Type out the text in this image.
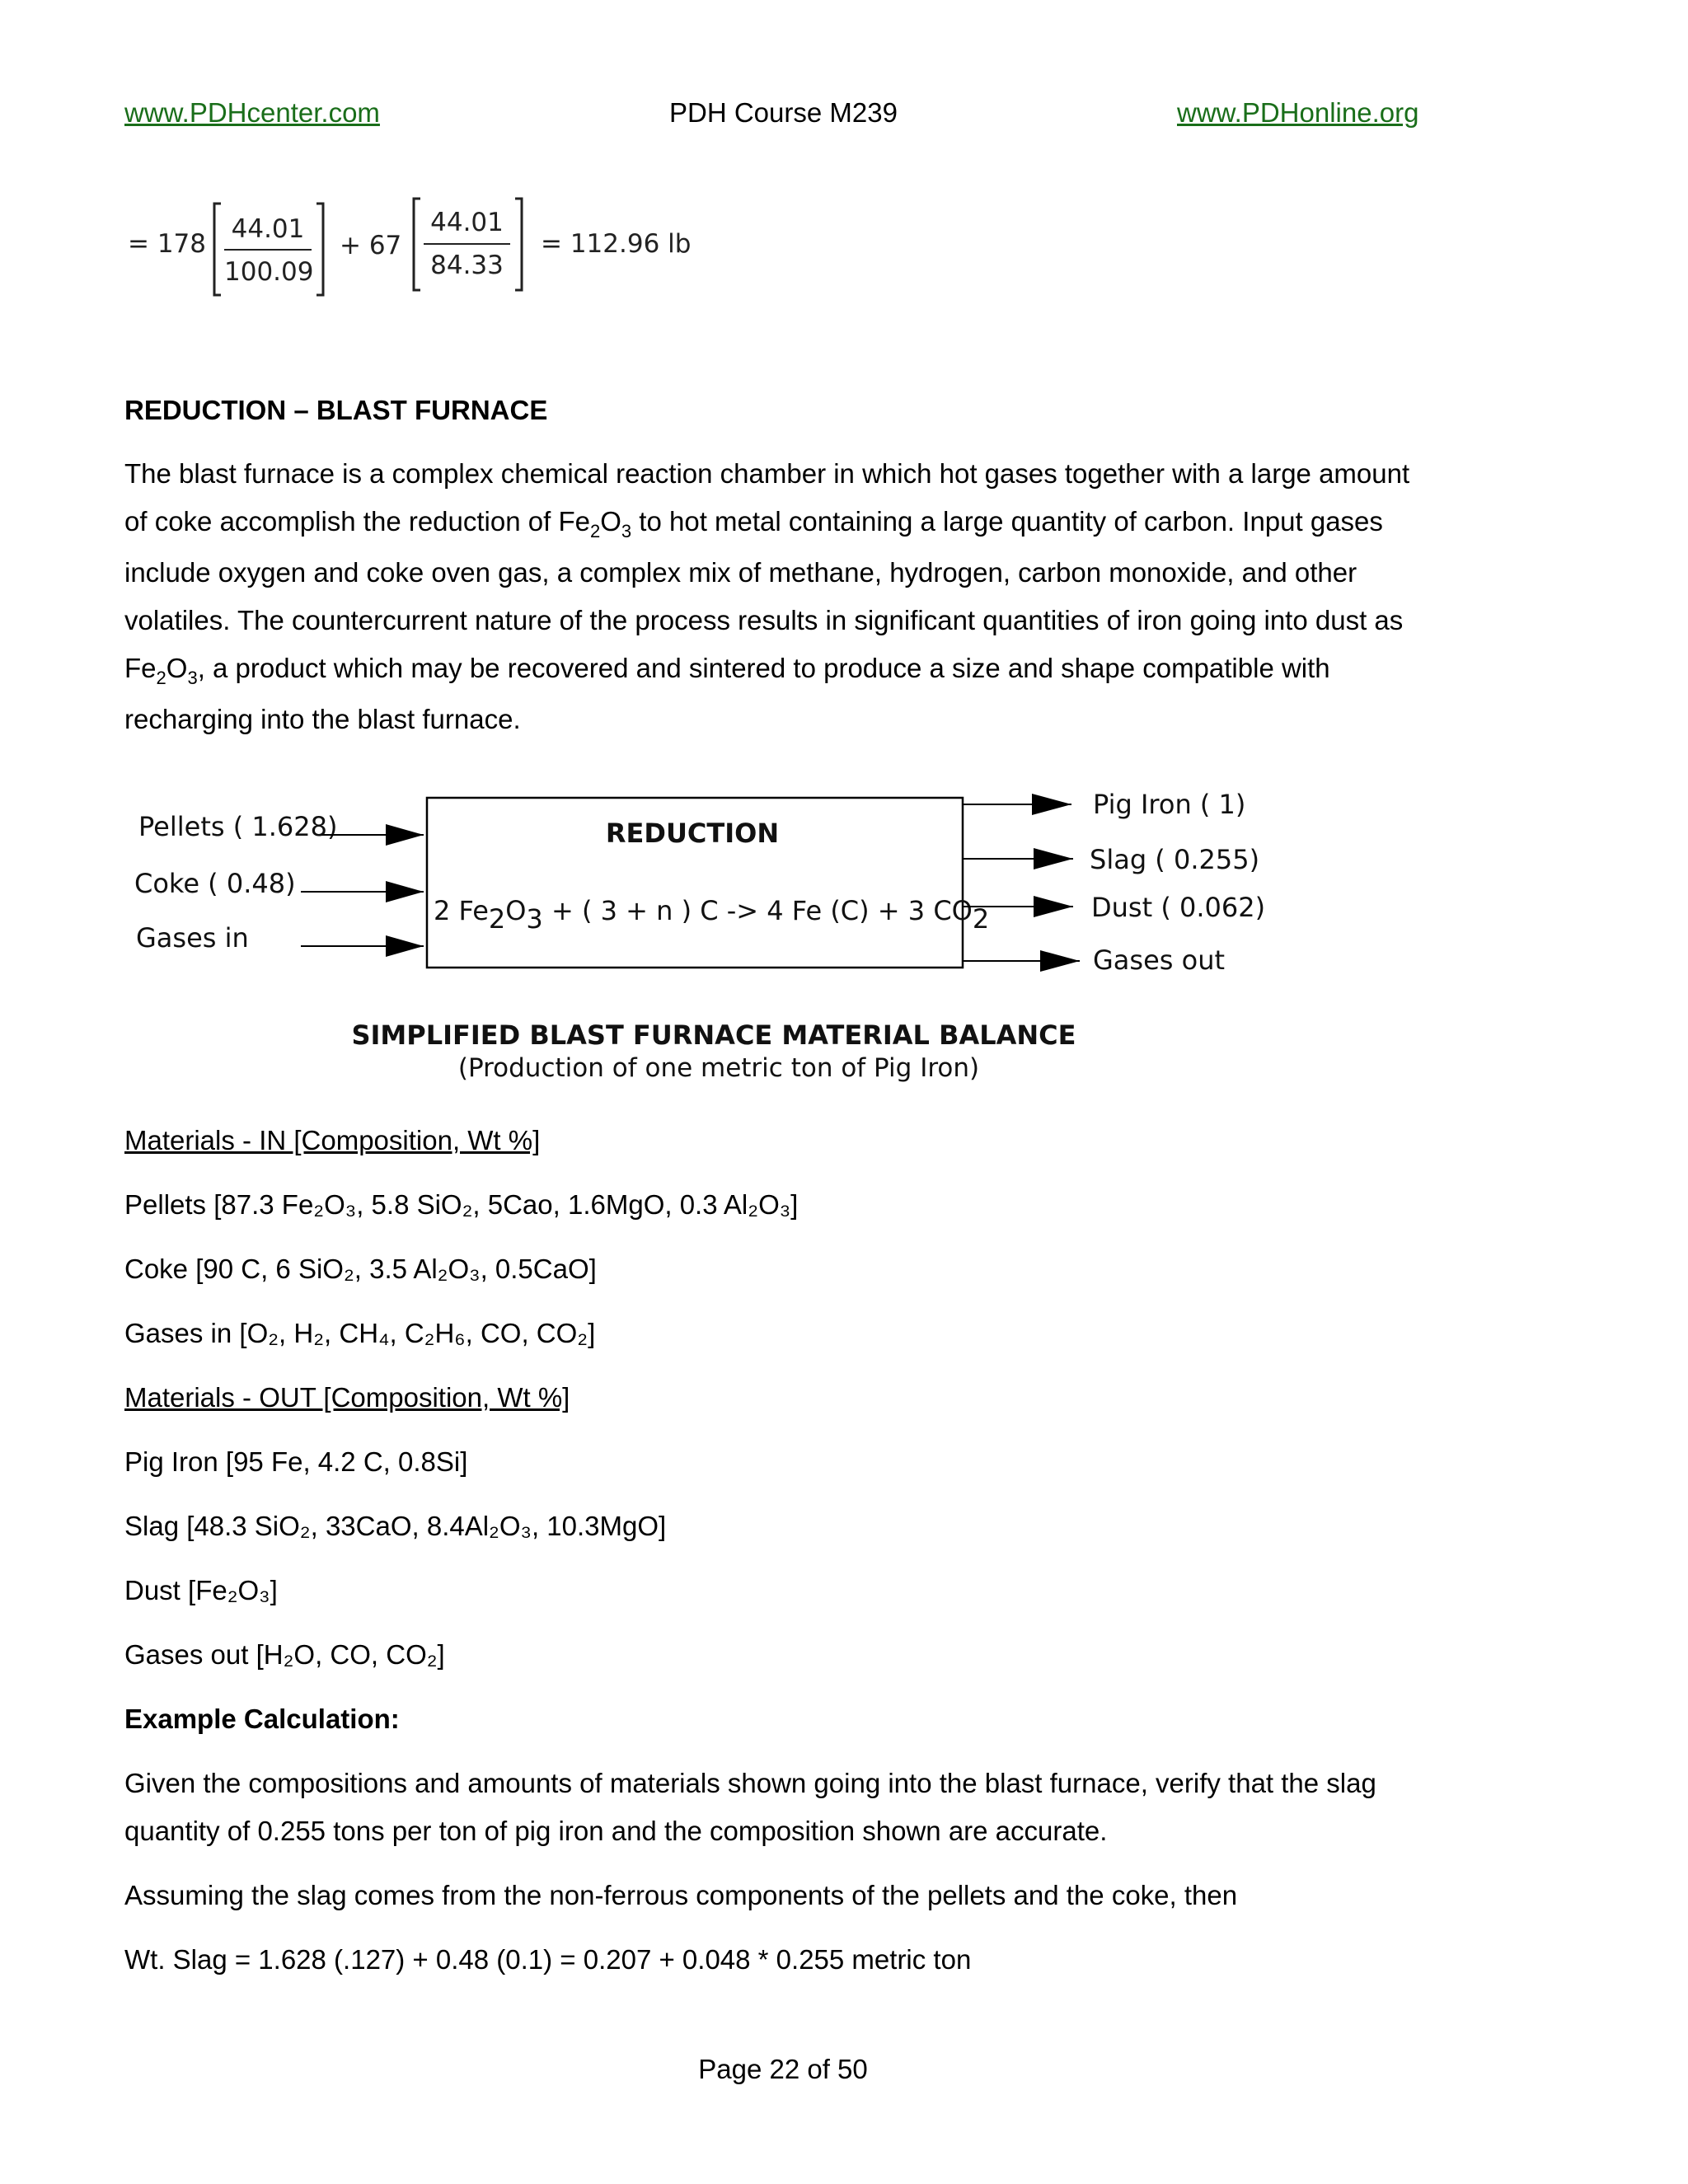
www.PDHcenter.com	PDH Course M239	www.PDHonline.org
= 178 44.01
100.09
+ 67
44.01
84.33
= 112.96 lb
REDUCTION – BLAST FURNACE
The blast furnace is a complex chemical reaction chamber in which hot gases together with a large amount
of coke accomplish the reduction of $Fe_2O_3$ to hot metal containing a large quantity of carbon. Input gases
include oxygen and coke oven gas, a complex mix of methane, hydrogen, carbon monoxide, and other
volatiles. The countercurrent nature of the process results in significant quantities of iron going into dust as
$Fe_2O_3$, a product which may be recovered and sintered to produce a size and shape compatible with
recharging into the blast furnace.
REDUCTION
2 Fe2O3 + ( 3 + n ) C -> 4 Fe (C) + 3 CO2
Pellets ( 1.628)
Coke ( 0.48)
Gases in
Pig Iron ( 1)
Slag ( 0.255)
Dust ( 0.062)
Gases out
SIMPLIFIED BLAST FURNACE MATERIAL BALANCE
(Production of one metric ton of Pig Iron)
Materials - IN [Composition, Wt %]
Pellets [87.3 Fe₂O₃, 5.8 SiO₂, 5Cao, 1.6MgO, 0.3 Al₂O₃]
Coke [90 C, 6 SiO₂, 3.5 Al₂O₃, 0.5CaO]
Gases in [O₂, H₂, CH₄, C₂H₆, CO, CO₂]
Materials - OUT [Composition, Wt %]
Pig Iron [95 Fe, 4.2 C, 0.8Si]
Slag [48.3 SiO₂, 33CaO, 8.4Al₂O₃, 10.3MgO]
Dust [Fe₂O₃]
Gases out [H₂O, CO, CO₂]
Example Calculation:
Given the compositions and amounts of materials shown going into the blast furnace, verify that the slag
quantity of 0.255 tons per ton of pig iron and the composition shown are accurate.
Assuming the slag comes from the non-ferrous components of the pellets and the coke, then
Wt. Slag = 1.628 (.127) + 0.48 (0.1) = 0.207 + 0.048 * 0.255 metric ton
Page 22 of 50
